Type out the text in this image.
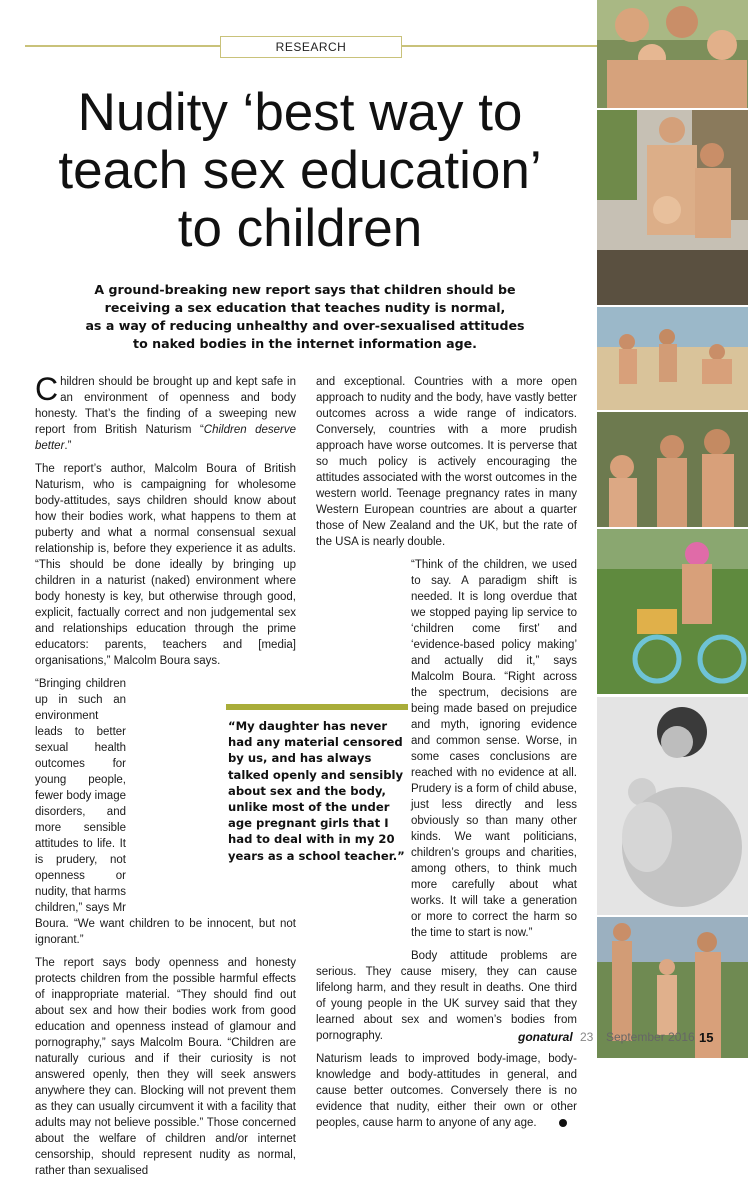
RESEARCH
Nudity ‘best way to
teach sex education’
to children

A ground-breaking new report says that children should be
receiving a sex education that teaches nudity is normal,
as a way of reducing unhealthy and over-sexualised attitudes
to naked bodies in the internet information age.

Children should be brought up and kept safe in an environment of openness and body honesty. That’s the finding of a sweeping new report from British Naturism “Children deserve better.”

The report’s author, Malcolm Boura of British Naturism, who is campaigning for wholesome body-attitudes, says children should know about how their bodies work, what happens to them at puberty and what a normal consensual sexual relationship is, before they experience it as adults. “This should be done ideally by bringing up children in a naturist (naked) environment where body honesty is key, but otherwise through good, explicit, factually correct and non judgemental sex and relationships education through the prime educators: parents, teachers and [media] organisations,” Malcolm Boura says.

“Bringing children up in such an environment leads to better sexual health outcomes for young people, fewer body image disorders, and more sensible attitudes to life. It is prudery, not openness or nudity, that harms children,” says Mr Boura. “We want children to be innocent, but not ignorant.”

The report says body openness and honesty protects children from the possible harmful effects of inappropriate material. “They should find out about sex and how their bodies work from good education and openness instead of glamour and pornography,” says Malcolm Boura. “Children are naturally curious and if their curiosity is not answered openly, then they will seek answers anywhere they can. Blocking will not prevent them as they can usually circumvent it with a facility that adults may not believe possible.” Those concerned about the welfare of children and/or internet censorship, should represent nudity as normal, rather than sexualised

and exceptional. Countries with a more open approach to nudity and the body, have vastly better outcomes across a wide range of indicators. Conversely, countries with a more prudish approach have worse outcomes. It is perverse that so much policy is actively encouraging the attitudes associated with the worst outcomes in the western world. Teenage pregnancy rates in many Western European countries are about a quarter those of New Zealand and the UK, but the rate of the USA is nearly double.

“Think of the children, we used to say. A paradigm shift is needed. It is long overdue that we stopped paying lip service to ‘children come first’ and ‘evidence-based policy making’ and actually did it,” says Malcolm Boura. “Right across the spectrum, decisions are being made based on prejudice and myth, ignoring evidence and common sense. Worse, in some cases conclusions are reached with no evidence at all. Prudery is a form of child abuse, just less directly and less obviously so than many other kinds. We want politicians, children’s groups and charities, among others, to think much more carefully about what works. It will take a generation or more to correct the harm so the time to start is now.”

Body attitude problems are serious. They cause misery, they can cause lifelong harm, and they result in deaths. One third of young people in the UK survey said that they learned about sex and women’s bodies from pornography.

Naturism leads to improved body-image, body-knowledge and body-attitudes in general, and cause better outcomes. Conversely there is no evidence that nudity, either their own or other peoples, cause harm to anyone of any age.

“My daughter has never had any material censored by us, and has always talked openly and sensibly about sex and the body, unlike most of the under age pregnant girls that I had to deal with in my 20 years as a school teacher.”

gonatural 23 September 2016 15
